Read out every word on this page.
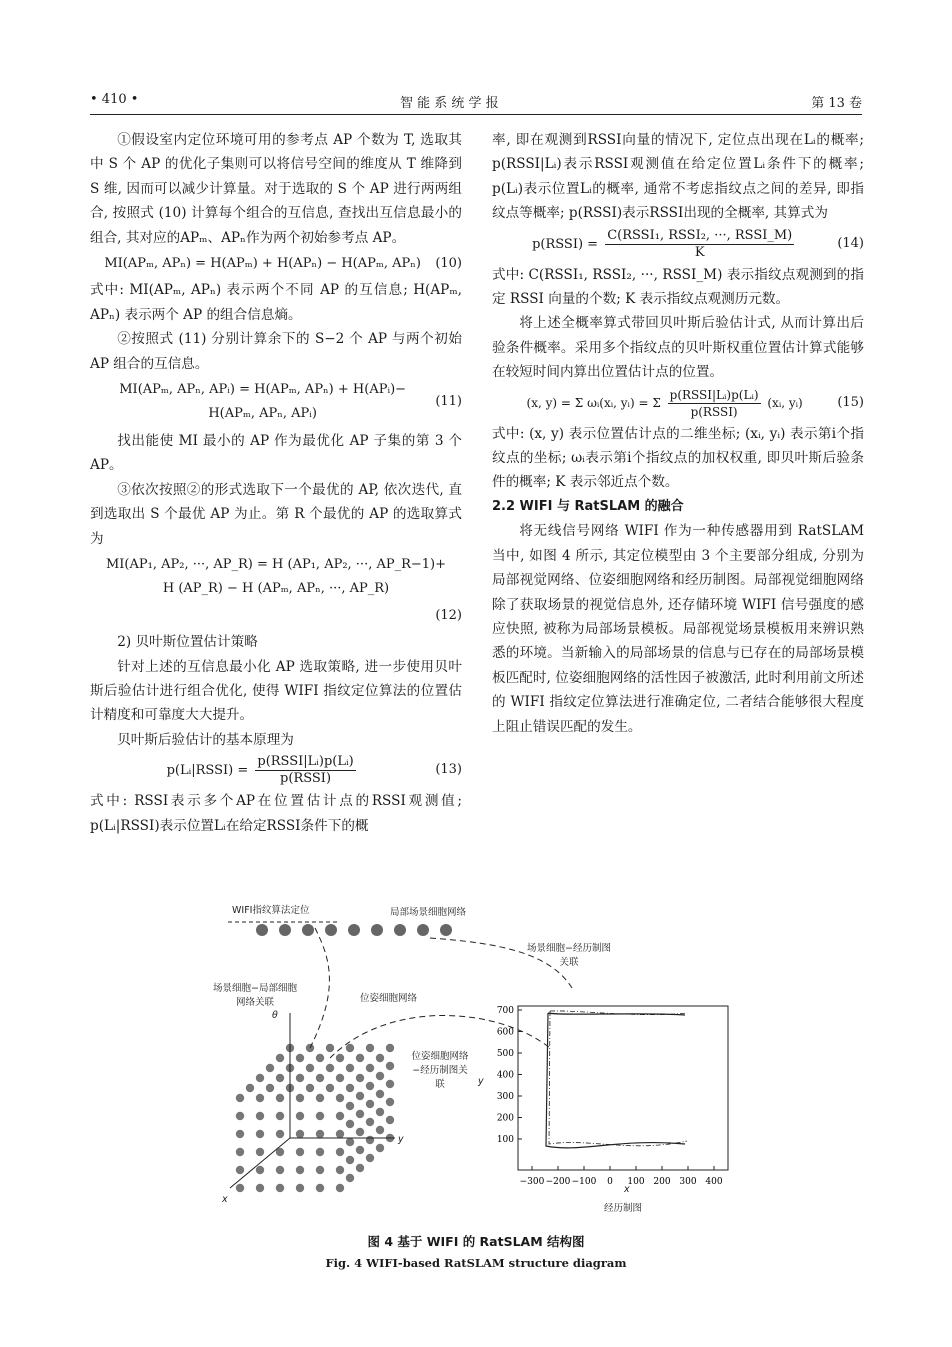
• 410 •	智 能 系 统 学 报	第 13 卷

①假设室内定位环境可用的参考点 AP 个数为 T, 选取其中 S 个 AP 的优化子集则可以将信号空间的维度从 T 维降到 S 维, 因而可以减少计算量。对于选取的 S 个 AP 进行两两组合, 按照式 (10) 计算每个组合的互信息, 查找出互信息最小的组合, 其对应的APₘ、APₙ作为两个初始参考点 AP。

MI(APₘ, APₙ) = H(APₘ) + H(APₙ) − H(APₘ, APₙ)	(10)

式中: MI(APₘ, APₙ) 表示两个不同 AP 的互信息; H(APₘ, APₙ) 表示两个 AP 的组合信息熵。

②按照式 (11) 分别计算余下的 S−2 个 AP 与两个初始 AP 组合的互信息。

MI(APₘ, APₙ, APᵢ) = H(APₘ, APₙ) + H(APᵢ)−
H(APₘ, APₙ, APᵢ)
(11)

找出能使 MI 最小的 AP 作为最优化 AP 子集的第 3 个 AP。

③依次按照②的形式选取下一个最优的 AP, 依次迭代, 直到选取出 S 个最优 AP 为止。第 R 个最优的 AP 的选取算式为

MI(AP₁, AP₂, ···, AP_R) = H (AP₁, AP₂, ···, AP_R−1)+
H (AP_R) − H (APₘ, APₙ, ···, AP_R)
(12)

2) 贝叶斯位置估计策略

针对上述的互信息最小化 AP 选取策略, 进一步使用贝叶斯后验估计进行组合优化, 使得 WIFI 指纹定位算法的位置估计精度和可靠度大大提升。

贝叶斯后验估计的基本原理为

p(Lᵢ|RSSI) = $\frac{\text{p(RSSI|Lᵢ)p(Lᵢ)}}{\text{p(RSSI)}}$	(13)

式中: RSSI表示多个AP在位置估计点的RSSI观测值; p(Lᵢ|RSSI)表示位置Lᵢ在给定RSSI条件下的概

率, 即在观测到RSSI向量的情况下, 定位点出现在Lᵢ的概率; p(RSSI|Lᵢ)表示RSSI观测值在给定位置Lᵢ条件下的概率; p(Lᵢ)表示位置Lᵢ的概率, 通常不考虑指纹点之间的差异, 即指纹点等概率; p(RSSI)表示RSSI出现的全概率, 其算式为

p(RSSI) = $\frac{\text{C(RSSI₁, RSSI₂, ···, RSSI\_M)}}{K}$	(14)

式中: C(RSSI₁, RSSI₂, ···, RSSI_M) 表示指纹点观测到的指定 RSSI 向量的个数; K 表示指纹点观测历元数。

将上述全概率算式带回贝叶斯后验估计式, 从而计算出后验条件概率。采用多个指纹点的贝叶斯权重位置估计算式能够在较短时间内算出位置估计点的位置。

(x, y) = Σ ωᵢ(xᵢ, yᵢ) = Σ $\frac{\text{p(RSSI|Lᵢ)p(Lᵢ)}}{\text{p(RSSI)}}$ (xᵢ, yᵢ)	(15)

式中: (x, y) 表示位置估计点的二维坐标; (xᵢ, yᵢ) 表示第i个指纹点的坐标; ωᵢ表示第i个指纹点的加权权重, 即贝叶斯后验条件的概率; K 表示邻近点个数。

2.2 WIFI 与 RatSLAM 的融合

将无线信号网络 WIFI 作为一种传感器用到 RatSLAM 当中, 如图 4 所示, 其定位模型由 3 个主要部分组成, 分别为局部视觉网络、位姿细胞网络和经历制图。局部视觉细胞网络除了获取场景的视觉信息外, 还存储环境 WIFI 信号强度的感应快照, 被称为局部场景模板。局部视觉场景模板用来辨识熟悉的环境。当新输入的局部场景的信息与已存在的局部场景模板匹配时, 位姿细胞网络的活性因子被激活, 此时利用前文所述的 WIFI 指纹定位算法进行准确定位, 二者结合能够很大程度上阻止错误匹配的发生。

700
600
500
400
300
200
100
−300 −200 −100 0 100 200 300 400
WIFI指纹算法定位	局部场景细胞网络
场景细胞−经历制图关联
场景细胞−局部细胞网络关联	位姿细胞网络
位姿细胞网络−经历制图关联
θ
y
x
y
x
经历制图
图 4 基于 WIFI 的 RatSLAM 结构图
Fig. 4 WIFI-based RatSLAM structure diagram
